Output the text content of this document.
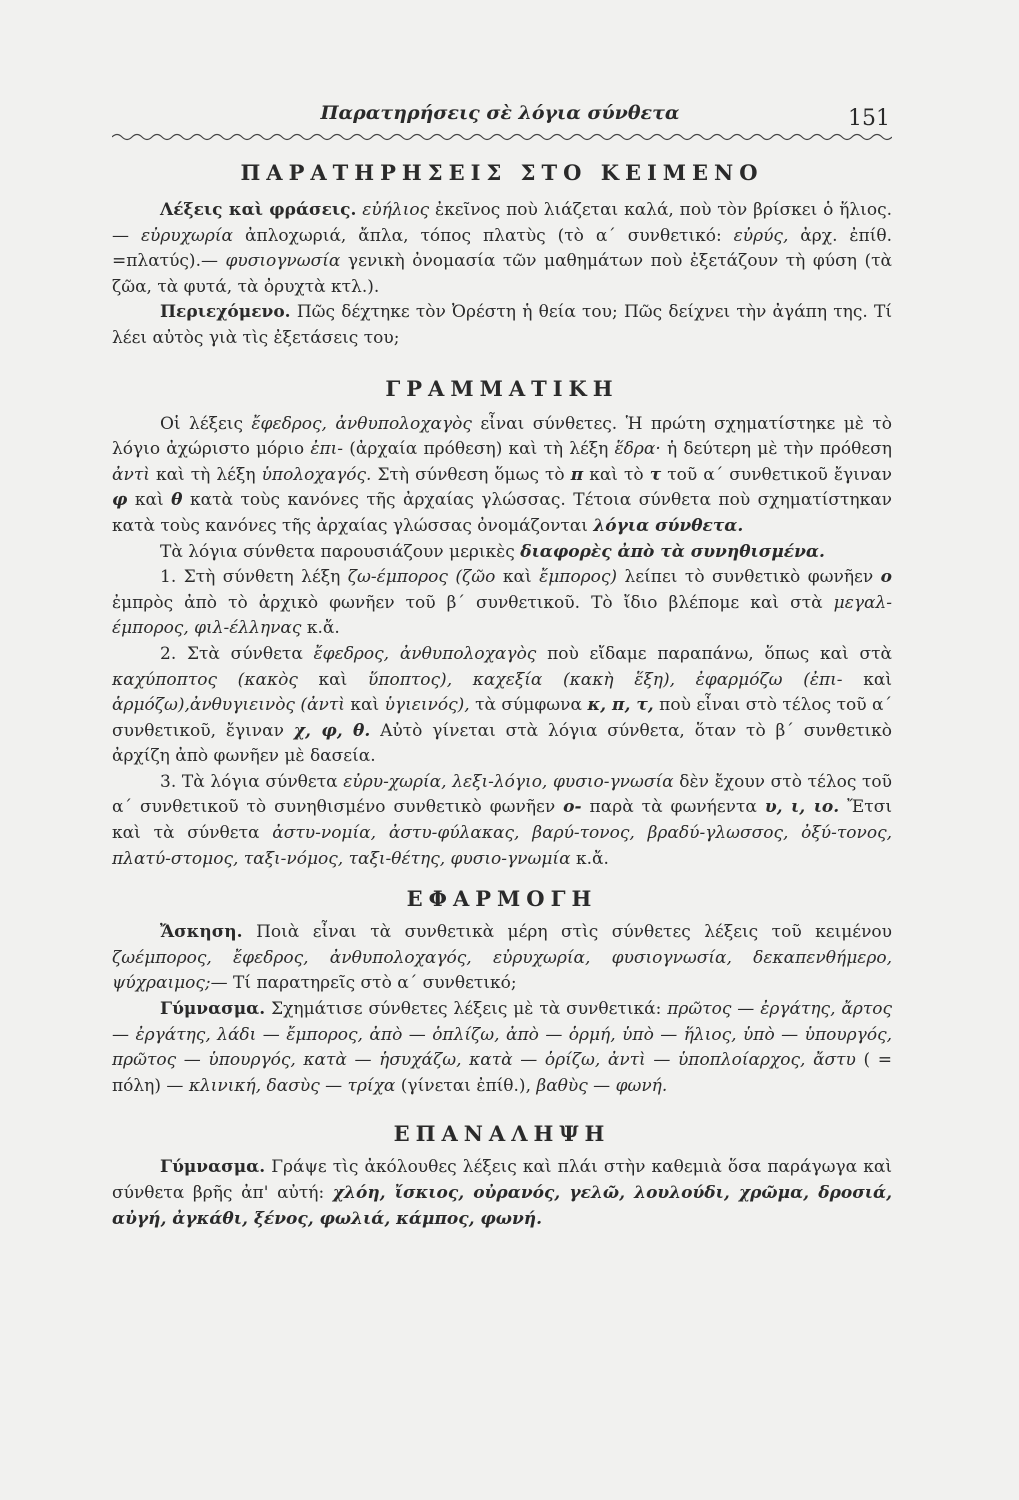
Παρατηρήσεις σὲ λόγια σύνθετα	151
ΠΑΡΑΤΗΡΗΣΕΙΣ ΣΤΟ ΚΕΙΜΕΝΟ

Λέξεις καὶ φράσεις. εὐήλιος ἐκεῖνος ποὺ λιάζεται καλά, ποὺ τὸν βρίσκει ὁ ἥλιος.— εὐρυχωρία ἀπλοχωριά, ἄπλα, τόπος πλατὺς (τὸ α΄ συνθετικό: εὐρύς, ἀρχ. ἐπίθ. =πλατύς).— φυσιογνωσία γενικὴ ὀνομασία τῶν μαθημάτων ποὺ ἐξετάζουν τὴ φύση (τὰ ζῶα, τὰ φυτά, τὰ ὀρυχτὰ κτλ.).

Περιεχόμενο. Πῶς δέχτηκε τὸν Ὀρέστη ἡ θεία του; Πῶς δείχνει τὴν ἀγάπη της. Τί λέει αὐτὸς γιὰ τὶς ἐξετάσεις του;

ΓΡΑΜΜΑΤΙΚΗ

Οἱ λέξεις ἔφεδρος, ἀνθυπολοχαγὸς εἶναι σύνθετες. Ἡ πρώτη σχηματίστηκε μὲ τὸ λόγιο ἀχώριστο μόριο ἐπι- (ἀρχαία πρόθεση) καὶ τὴ λέξη ἕδρα· ἡ δεύτερη μὲ τὴν πρόθεση ἀντὶ καὶ τὴ λέξη ὑπολοχαγός. Στὴ σύνθεση ὅμως τὸ π καὶ τὸ τ τοῦ α΄ συνθετικοῦ ἔγιναν φ καὶ θ κατὰ τοὺς κανόνες τῆς ἀρχαίας γλώσσας. Τέτοια σύνθετα ποὺ σχηματίστηκαν κατὰ τοὺς κανόνες τῆς ἀρχαίας γλώσσας ὀνομάζονται λόγια σύνθετα.

Τὰ λόγια σύνθετα παρουσιάζουν μερικὲς διαφορὲς ἀπὸ τὰ συνηθισμένα.

1. Στὴ σύνθετη λέξη ζω-έμπορος (ζῶο καὶ ἔμπορος) λείπει τὸ συνθετικὸ φωνῆεν ο ἐμπρὸς ἀπὸ τὸ ἀρχικὸ φωνῆεν τοῦ β΄ συνθετικοῦ. Τὸ ἴδιο βλέπομε καὶ στὰ μεγαλ-έμπορος, φιλ-έλληνας κ.ἄ.

2. Στὰ σύνθετα ἔφεδρος, ἀνθυπολοχαγὸς ποὺ εἴδαμε παραπάνω, ὅπως καὶ στὰ καχύποπτος (κακὸς καὶ ὕποπτος), καχεξία (κακὴ ἕξη), ἐφαρμόζω (ἐπι- καὶ ἁρμόζω),ἀνθυγιεινὸς (ἀντὶ καὶ ὑγιεινός), τὰ σύμφωνα κ, π, τ, ποὺ εἶναι στὸ τέλος τοῦ α΄ συνθετικοῦ, ἔγιναν χ, φ, θ. Αὐτὸ γίνεται στὰ λόγια σύνθετα, ὅταν τὸ β΄ συνθετικὸ ἀρχίζη ἀπὸ φωνῆεν μὲ δασεία.

3. Τὰ λόγια σύνθετα εὐρυ-χωρία, λεξι-λόγιο, φυσιο-γνωσία δὲν ἔχουν στὸ τέλος τοῦ α΄ συνθετικοῦ τὸ συνηθισμένο συνθετικὸ φωνῆεν ο- παρὰ τὰ φωνήεντα υ, ι, ιο. Ἔτσι καὶ τὰ σύνθετα ἀστυ-νομία, ἀστυ-φύλακας, βαρύ-τονος, βραδύ-γλωσσος, ὀξύ-τονος, πλατύ-στομος, ταξι-νόμος, ταξι-θέτης, φυσιο-γνωμία κ.ἄ.

ΕΦΑΡΜΟΓΗ

Ἄσκηση. Ποιὰ εἶναι τὰ συνθετικὰ μέρη στὶς σύνθετες λέξεις τοῦ κειμένου ζωέμπορος, ἔφεδρος, ἀνθυπολοχαγός, εὐρυχωρία, φυσιογνωσία, δεκαπενθήμερο, ψύχραιμος;— Τί παρατηρεῖς στὸ α΄ συνθετικό;

Γύμνασμα. Σχημάτισε σύνθετες λέξεις μὲ τὰ συνθετικά: πρῶτος — ἐργάτης, ἄρτος — ἐργάτης, λάδι — ἔμπορος, ἀπὸ — ὁπλίζω, ἀπὸ — ὁρμή, ὑπὸ — ἥλιος, ὑπὸ — ὑπουργός, πρῶτος — ὑπουργός, κατὰ — ἡσυχάζω, κατὰ — ὁρίζω, ἀντὶ — ὑποπλοίαρχος, ἄστυ ( = πόλη) — κλινική, δασὺς — τρίχα (γίνεται ἐπίθ.), βαθὺς — φωνή.

ΕΠΑΝΑΛΗΨΗ

Γύμνασμα. Γράψε τὶς ἀκόλουθες λέξεις καὶ πλάι στὴν καθεμιὰ ὅσα παράγωγα καὶ σύνθετα βρῆς ἀπ' αὐτή: χλόη, ἴσκιος, οὐρανός, γελῶ, λουλούδι, χρῶμα, δροσιά, αὐγή, ἀγκάθι, ξένος, φωλιά, κάμπος, φωνή.
